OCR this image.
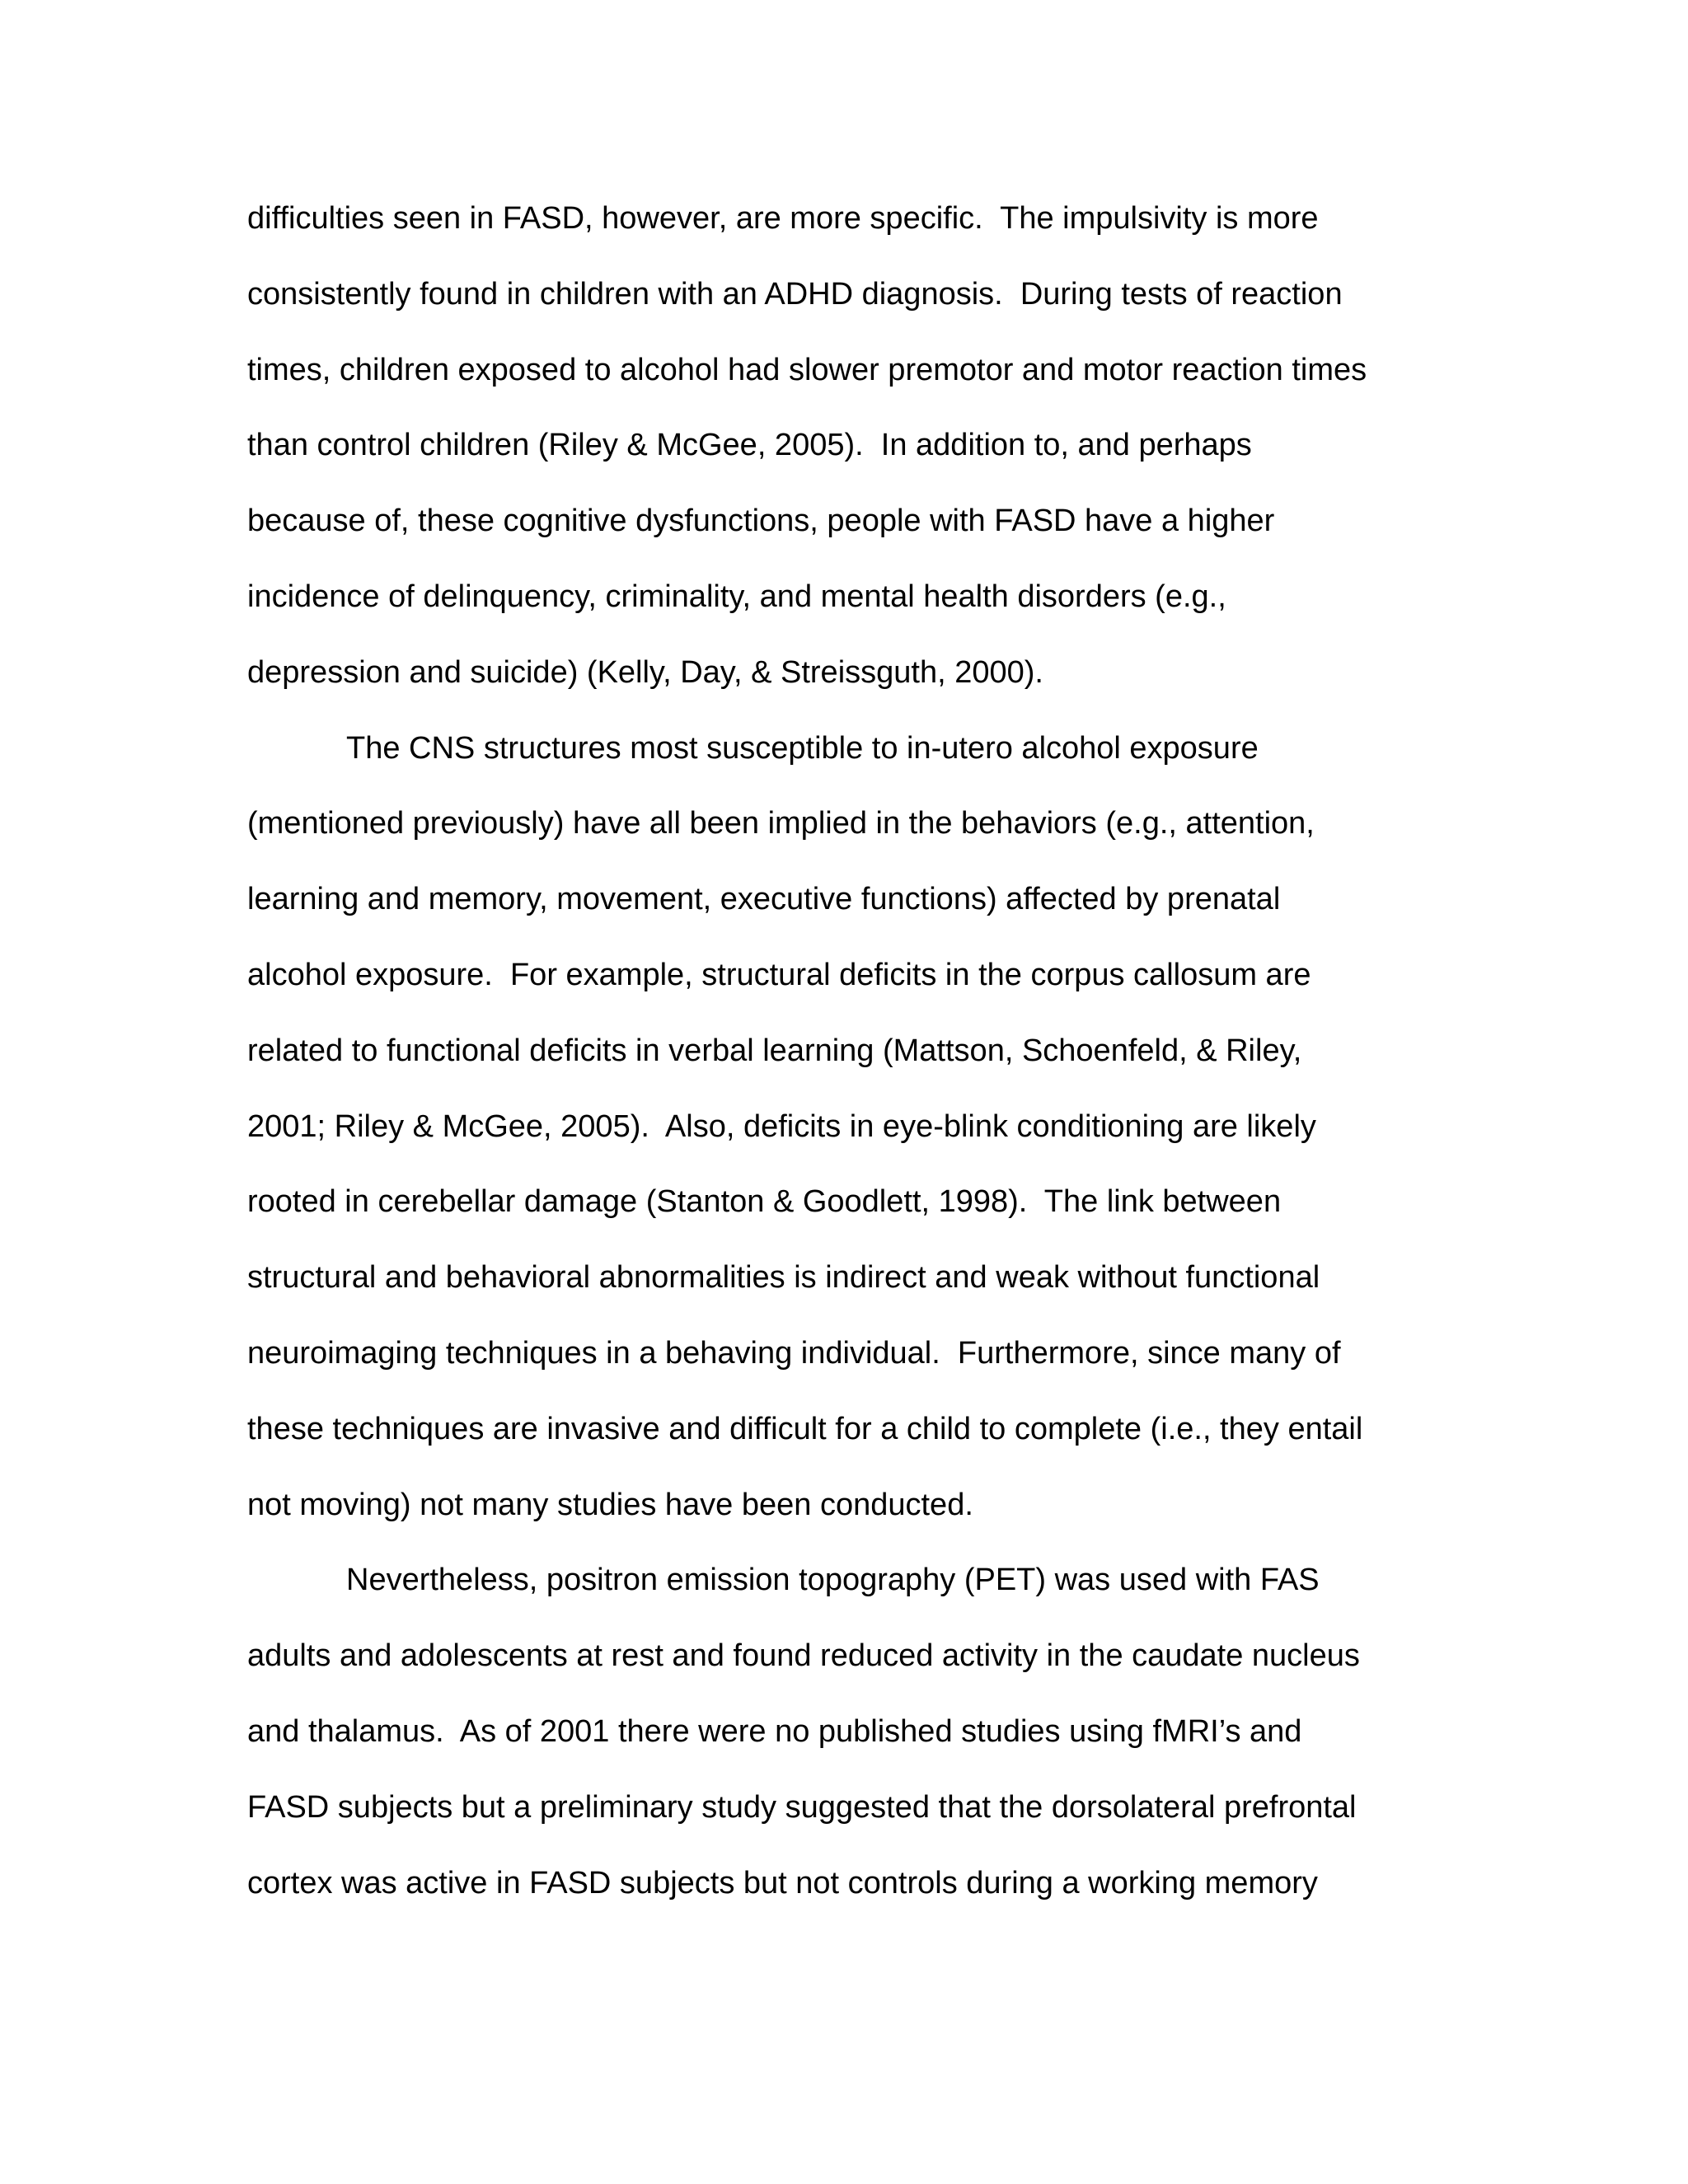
difficulties seen in FASD, however, are more specific.  The impulsivity is more
consistently found in children with an ADHD diagnosis.  During tests of reaction
times, children exposed to alcohol had slower premotor and motor reaction times
than control children (Riley & McGee, 2005).  In addition to, and perhaps
because of, these cognitive dysfunctions, people with FASD have a higher
incidence of delinquency, criminality, and mental health disorders (e.g.,
depression and suicide) (Kelly, Day, & Streissguth, 2000).
The CNS structures most susceptible to in-utero alcohol exposure
(mentioned previously) have all been implied in the behaviors (e.g., attention,
learning and memory, movement, executive functions) affected by prenatal
alcohol exposure.  For example, structural deficits in the corpus callosum are
related to functional deficits in verbal learning (Mattson, Schoenfeld, & Riley,
2001; Riley & McGee, 2005).  Also, deficits in eye-blink conditioning are likely
rooted in cerebellar damage (Stanton & Goodlett, 1998).  The link between
structural and behavioral abnormalities is indirect and weak without functional
neuroimaging techniques in a behaving individual.  Furthermore, since many of
these techniques are invasive and difficult for a child to complete (i.e., they entail
not moving) not many studies have been conducted.
Nevertheless, positron emission topography (PET) was used with FAS
adults and adolescents at rest and found reduced activity in the caudate nucleus
and thalamus.  As of 2001 there were no published studies using fMRI’s and
FASD subjects but a preliminary study suggested that the dorsolateral prefrontal
cortex was active in FASD subjects but not controls during a working memory
